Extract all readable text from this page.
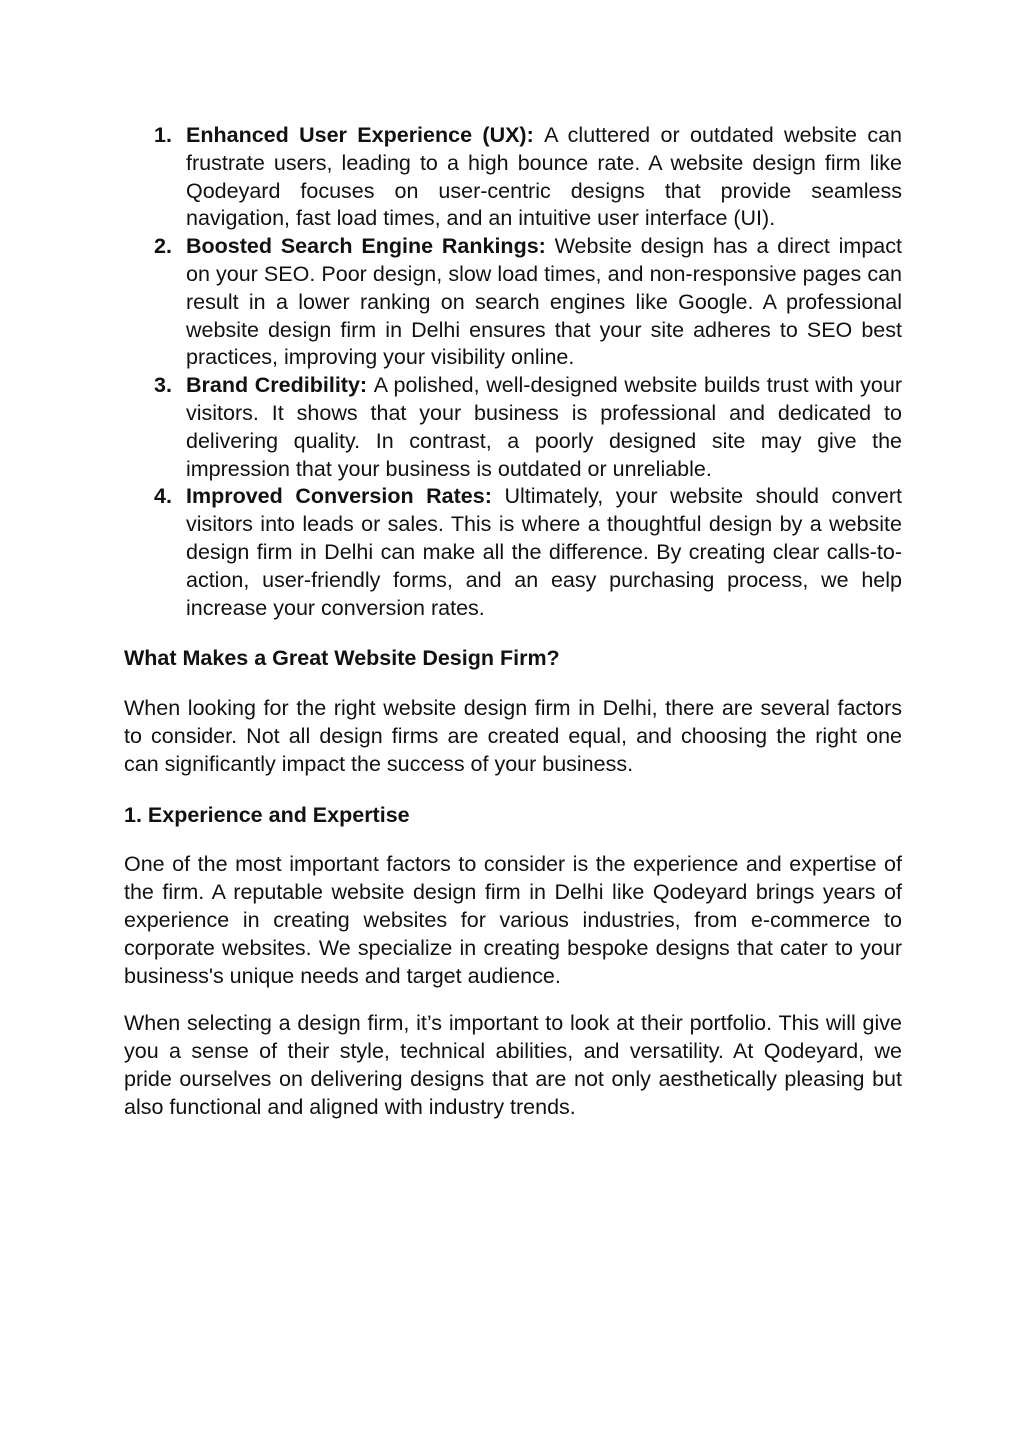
1. Enhanced User Experience (UX): A cluttered or outdated website can frustrate users, leading to a high bounce rate. A website design firm like Qodeyard focuses on user-centric designs that provide seamless navigation, fast load times, and an intuitive user interface (UI).
2. Boosted Search Engine Rankings: Website design has a direct impact on your SEO. Poor design, slow load times, and non-responsive pages can result in a lower ranking on search engines like Google. A professional website design firm in Delhi ensures that your site adheres to SEO best practices, improving your visibility online.
3. Brand Credibility: A polished, well-designed website builds trust with your visitors. It shows that your business is professional and dedicated to delivering quality. In contrast, a poorly designed site may give the impression that your business is outdated or unreliable.
4. Improved Conversion Rates: Ultimately, your website should convert visitors into leads or sales. This is where a thoughtful design by a website design firm in Delhi can make all the difference. By creating clear calls-to-action, user-friendly forms, and an easy purchasing process, we help increase your conversion rates.

What Makes a Great Website Design Firm?

When looking for the right website design firm in Delhi, there are several factors to consider. Not all design firms are created equal, and choosing the right one can significantly impact the success of your business.

1. Experience and Expertise

One of the most important factors to consider is the experience and expertise of the firm. A reputable website design firm in Delhi like Qodeyard brings years of experience in creating websites for various industries, from e-commerce to corporate websites. We specialize in creating bespoke designs that cater to your business's unique needs and target audience.

When selecting a design firm, it’s important to look at their portfolio. This will give you a sense of their style, technical abilities, and versatility. At Qodeyard, we pride ourselves on delivering designs that are not only aesthetically pleasing but also functional and aligned with industry trends.
